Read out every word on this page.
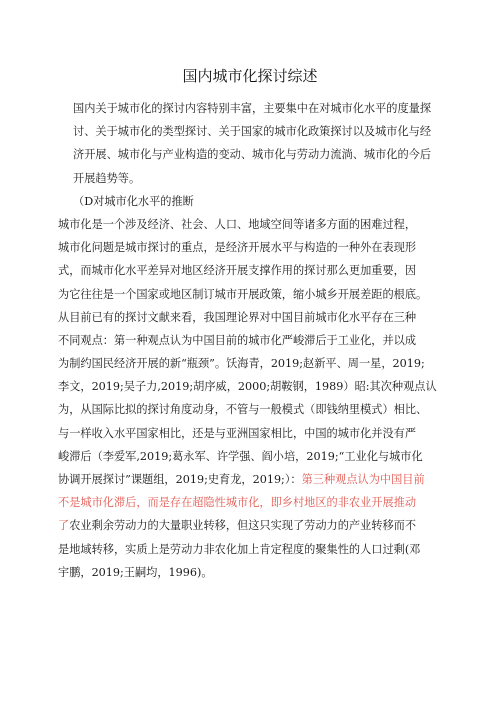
国内城市化探讨综述
国内关于城市化的探讨内容特别丰富，主要集中在对城市化水平的度量探
讨、关于城市化的类型探讨、关于国家的城市化政策探讨以及城市化与经
济开展、城市化与产业构造的变动、城市化与劳动力流淌、城市化的今后
开展趋势等。
（D对城市化水平的推断
城市化是一个涉及经济、社会、人口、地域空间等诸多方面的困难过程，
城市化问题是城市探讨的重点，是经济开展水平与构造的一种外在表现形
式，而城市化水平差异对地区经济开展支撑作用的探讨那么更加重要，因
为它往往是一个国家或地区制订城市开展政策，缩小城乡开展差距的根底。
从目前已有的探讨文献来看，我国理论界对中国目前城市化水平存在三种
不同观点：第一种观点认为中国目前的城市化严峻滞后于工业化，并以成
为制约国民经济开展的新“瓶颈”。饫海青，2019;赵新平、周一星，2019;
李文，2019;吴子力,2019;胡序威，2000;胡鞍钢，1989）昭:其次种观点认
为，从国际比拟的探讨角度动身，不管与一般模式（即钱纳里模式）相比、
与一样收入水平国家相比，还是与亚洲国家相比，中国的城市化并没有严
峻滞后（李爱军,2019;葛永军、许学强、阎小培，2019;“工业化与城市化
协调开展探讨”课题组，2019;史育龙，2019;）：第三种观点认为中国目前
不是城市化滞后，而是存在超隐性城市化，即乡村地区的非农业开展推动
了农业剩余劳动力的大量职业转移，但这只实现了劳动力的产业转移而不
是地域转移，实质上是劳动力非农化加上肯定程度的聚集性的人口过剩(邓
宇鹏，2019;王嗣均，1996)。
